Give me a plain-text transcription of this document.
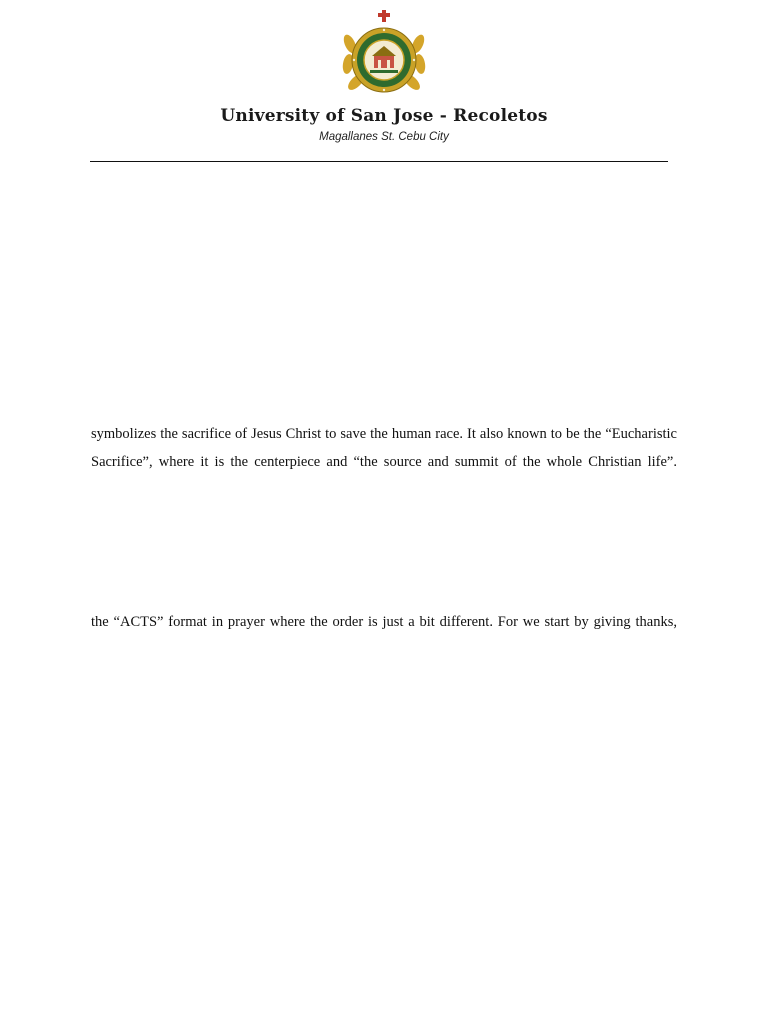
University of San Jose - Recoletos
Magallanes St. Cebu City

symbolizes the sacrifice of Jesus Christ to save the human race. It also known to be the “Eucharistic

Sacrifice”, where it is the centerpiece and “the source and summit of the whole Christian life”.

the “ACTS” format in prayer where the order is just a bit different. For we start by giving thanks,
